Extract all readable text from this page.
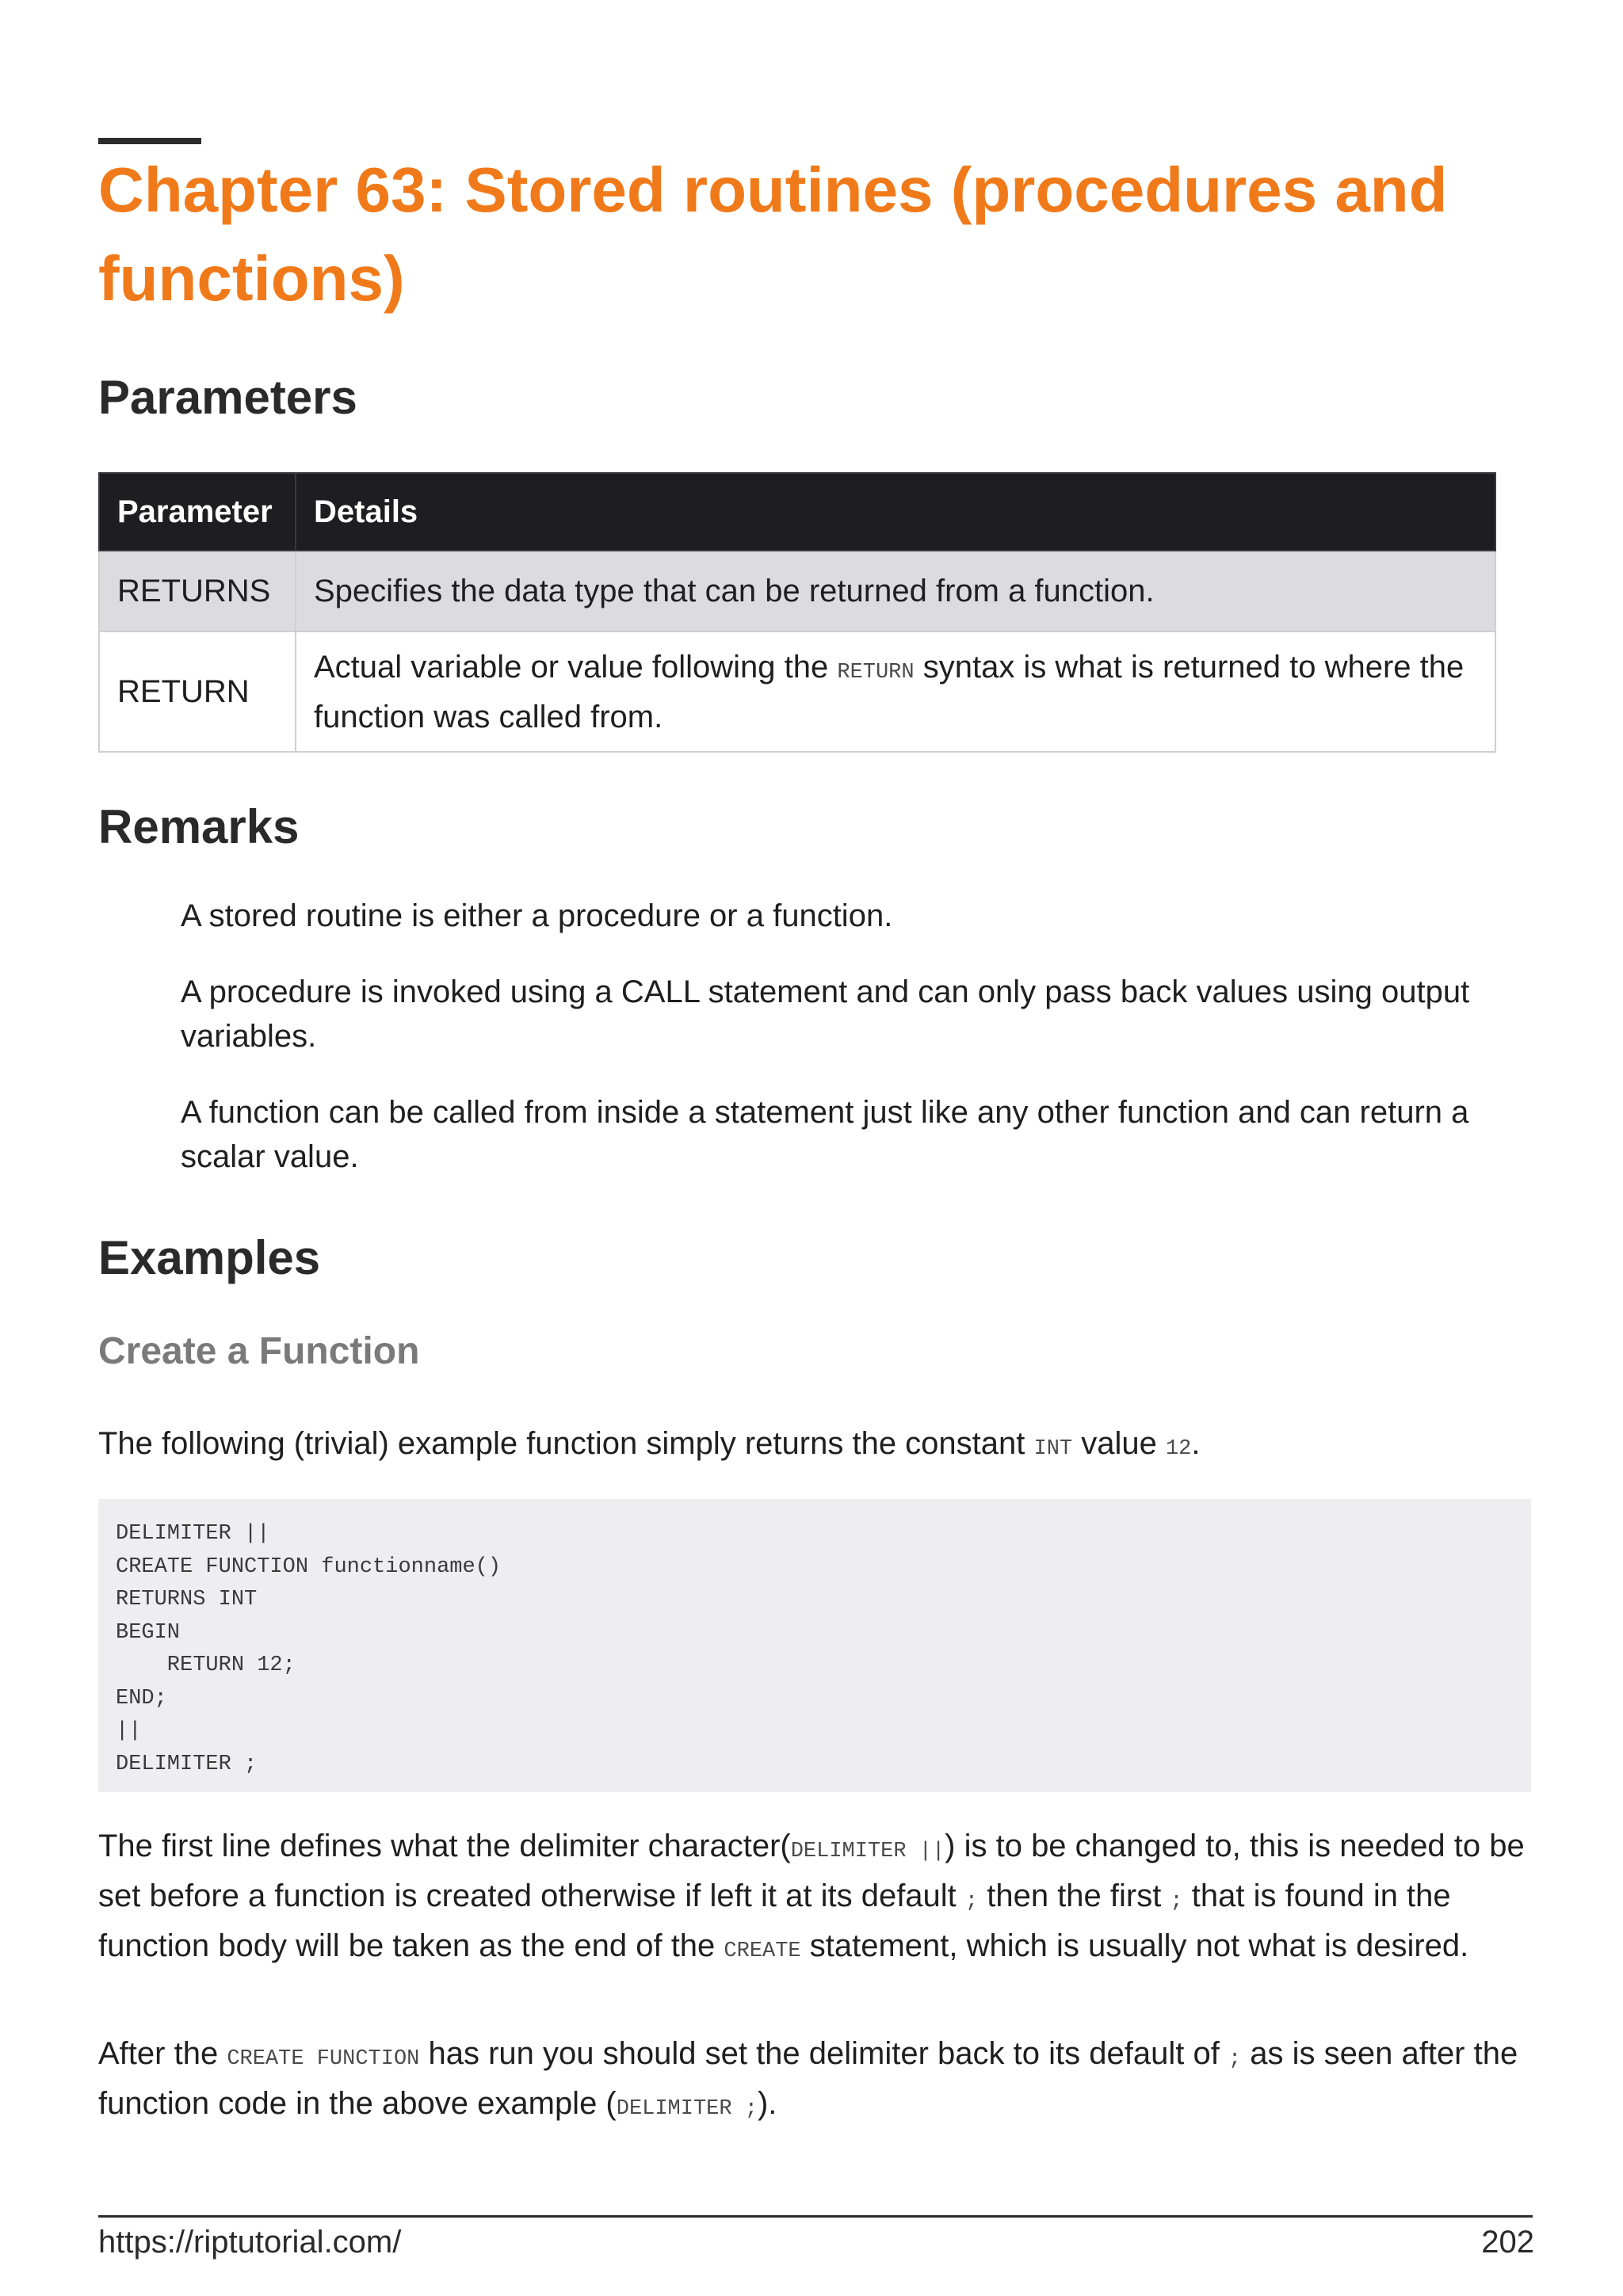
Chapter 63: Stored routines (procedures and functions)
Parameters
Parameter	Details
RETURNS	Specifies the data type that can be returned from a function.
RETURN	Actual variable or value following the RETURN syntax is what is returned to where the function was called from.
Remarks

A stored routine is either a procedure or a function.

A procedure is invoked using a CALL statement and can only pass back values using output variables.

A function can be called from inside a statement just like any other function and can return a scalar value.

Examples
Create a Function

The following (trivial) example function simply returns the constant INT value 12.

DELIMITER ||
CREATE FUNCTION functionname()
RETURNS INT
BEGIN
RETURN 12;
END;
||
DELIMITER ;

The first line defines what the delimiter character(DELIMITER ||) is to be changed to, this is needed to be set before a function is created otherwise if left it at its default ; then the first ; that is found in the function body will be taken as the end of the CREATE statement, which is usually not what is desired.

After the CREATE FUNCTION has run you should set the delimiter back to its default of ; as is seen after the function code in the above example (DELIMITER ;).

https://riptutorial.com/	202
